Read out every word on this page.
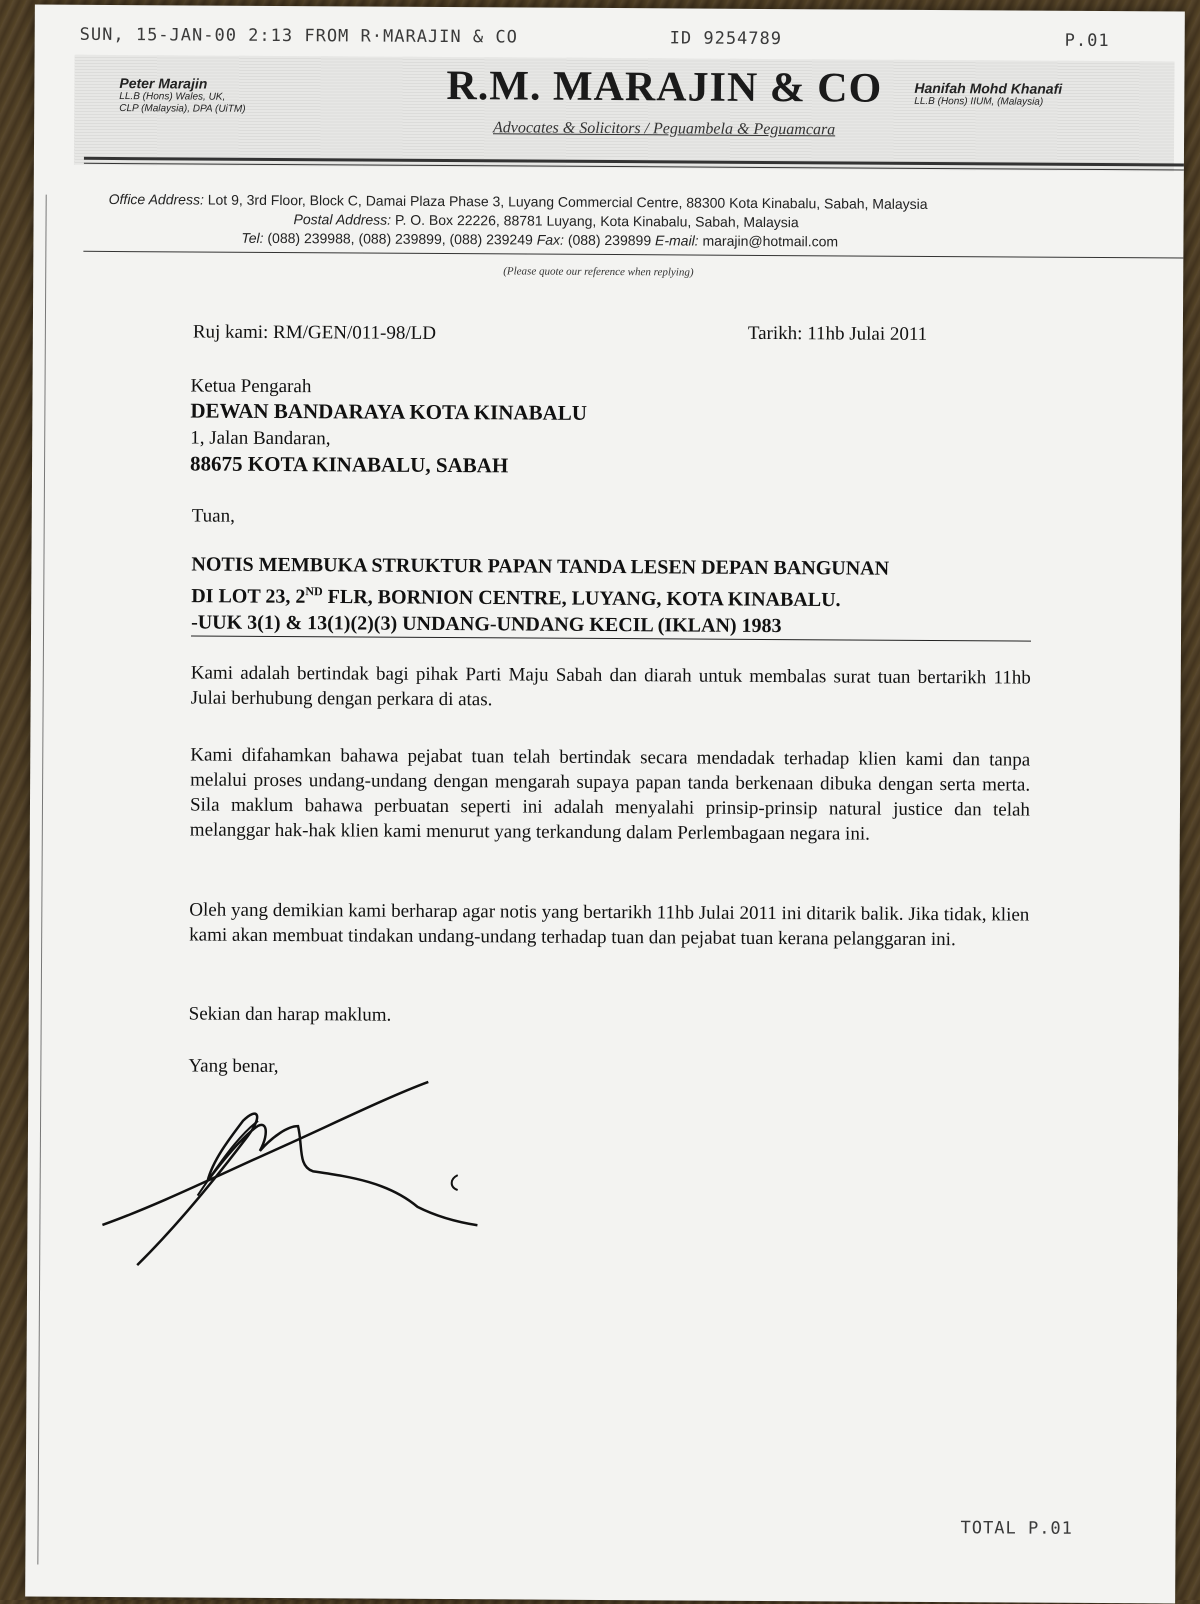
SUN, 15-JAN-00 2:13 FROM R·MARAJIN & CO	ID 9254789	P.01
Peter Marajin
LL.B (Hons) Wales, UK,
CLP (Malaysia), DPA (UiTM)	R.M. MARAJIN & CO
Advocates & Solicitors / Peguambela & Peguamcara
Hanifah Mohd Khanafi
LL.B (Hons) IIUM, (Malaysia)
Office Address: Lot 9, 3rd Floor, Block C, Damai Plaza Phase 3, Luyang Commercial Centre, 88300 Kota Kinabalu, Sabah, Malaysia
Postal Address: P. O. Box 22226, 88781 Luyang, Kota Kinabalu, Sabah, Malaysia
Tel: (088) 239988, (088) 239899, (088) 239249 Fax: (088) 239899 E-mail: marajin@hotmail.com
(Please quote our reference when replying)
Ruj kami: RM/GEN/011-98/LD	Tarikh: 11hb Julai 2011
Ketua Pengarah
DEWAN BANDARAYA KOTA KINABALU
1, Jalan Bandaran,
88675 KOTA KINABALU, SABAH
Tuan,
NOTIS MEMBUKA STRUKTUR PAPAN TANDA LESEN DEPAN BANGUNAN
DI LOT 23, 2ND FLR, BORNION CENTRE, LUYANG, KOTA KINABALU.
-UUK 3(1) & 13(1)(2)(3) UNDANG-UNDANG KECIL (IKLAN) 1983
Kami adalah bertindak bagi pihak Parti Maju Sabah dan diarah untuk membalas surat tuan bertarikh 11hb Julai berhubung dengan perkara di atas.
Kami difahamkan bahawa pejabat tuan telah bertindak secara mendadak terhadap klien kami dan tanpa melalui proses undang-undang dengan mengarah supaya papan tanda berkenaan dibuka dengan serta merta. Sila maklum bahawa perbuatan seperti ini adalah menyalahi prinsip-prinsip natural justice dan telah melanggar hak-hak klien kami menurut yang terkandung dalam Perlembagaan negara ini.
Oleh yang demikian kami berharap agar notis yang bertarikh 11hb Julai 2011 ini ditarik balik. Jika tidak, klien kami akan membuat tindakan undang-undang terhadap tuan dan pejabat tuan kerana pelanggaran ini.
Sekian dan harap maklum.
Yang benar,
TOTAL P.01
